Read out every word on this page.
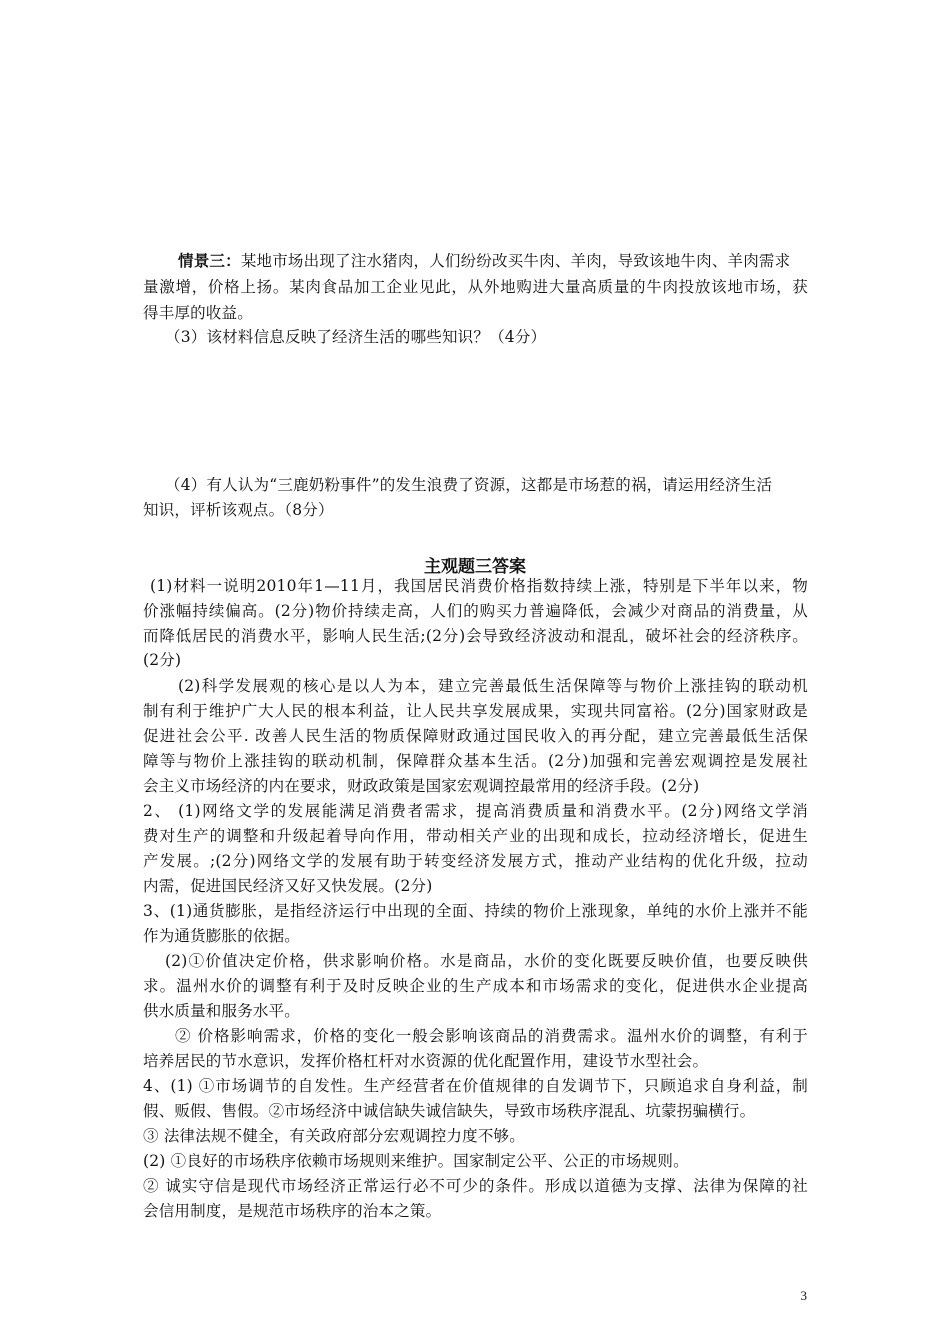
情景三：某地市场出现了注水猪肉，人们纷纷改买牛肉、羊肉，导致该地牛肉、羊肉需求
量激增，价格上扬。某肉食品加工企业见此，从外地购进大量高质量的牛肉投放该地市场，获
得丰厚的收益。
（3）该材料信息反映了经济生活的哪些知识？（4分）
（4）有人认为“三鹿奶粉事件”的发生浪费了资源，这都是市场惹的祸，请运用经济生活
知识，评析该观点。（8分）
主观题三答案
(1)材料一说明2010年1—11月，我国居民消费价格指数持续上涨，特别是下半年以来，物
价涨幅持续偏高。(2分)物价持续走高，人们的购买力普遍降低，会减少对商品的消费量，从
而降低居民的消费水平，影响人民生活;(2分)会导致经济波动和混乱，破坏社会的经济秩序。
(2分)
(2)科学发展观的核心是以人为本，建立完善最低生活保障等与物价上涨挂钩的联动机
制有利于维护广大人民的根本利益，让人民共享发展成果，实现共同富裕。(2分)国家财政是
促进社会公平. 改善人民生活的物质保障财政通过国民收入的再分配，建立完善最低生活保
障等与物价上涨挂钩的联动机制，保障群众基本生活。(2分)加强和完善宏观调控是发展社
会主义市场经济的内在要求，财政政策是国家宏观调控最常用的经济手段。(2分)
2、 (1)网络文学的发展能满足消费者需求，提高消费质量和消费水平。(2分)网络文学消
费对生产的调整和升级起着导向作用，带动相关产业的出现和成长，拉动经济增长，促进生
产发展。;(2分)网络文学的发展有助于转变经济发展方式，推动产业结构的优化升级，拉动
内需，促进国民经济又好又快发展。(2分)
3、(1)通货膨胀，是指经济运行中出现的全面、持续的物价上涨现象，单纯的水价上涨并不能
作为通货膨胀的依据。
(2)①价值决定价格，供求影响价格。水是商品，水价的变化既要反映价值，也要反映供
求。温州水价的调整有利于及时反映企业的生产成本和市场需求的变化，促进供水企业提高
供水质量和服务水平。
② 价格影响需求，价格的变化一般会影响该商品的消费需求。温州水价的调整，有利于
培养居民的节水意识，发挥价格杠杆对水资源的优化配置作用，建设节水型社会。
4、(1) ①市场调节的自发性。生产经营者在价值规律的自发调节下，只顾追求自身利益，制
假、贩假、售假。②市场经济中诚信缺失诚信缺失，导致市场秩序混乱、坑蒙拐骗横行。
③ 法律法规不健全，有关政府部分宏观调控力度不够。
(2) ①良好的市场秩序依赖市场规则来维护。国家制定公平、公正的市场规则。
② 诚实守信是现代市场经济正常运行必不可少的条件。形成以道德为支撑、法律为保障的社
会信用制度，是规范市场秩序的治本之策。
3
